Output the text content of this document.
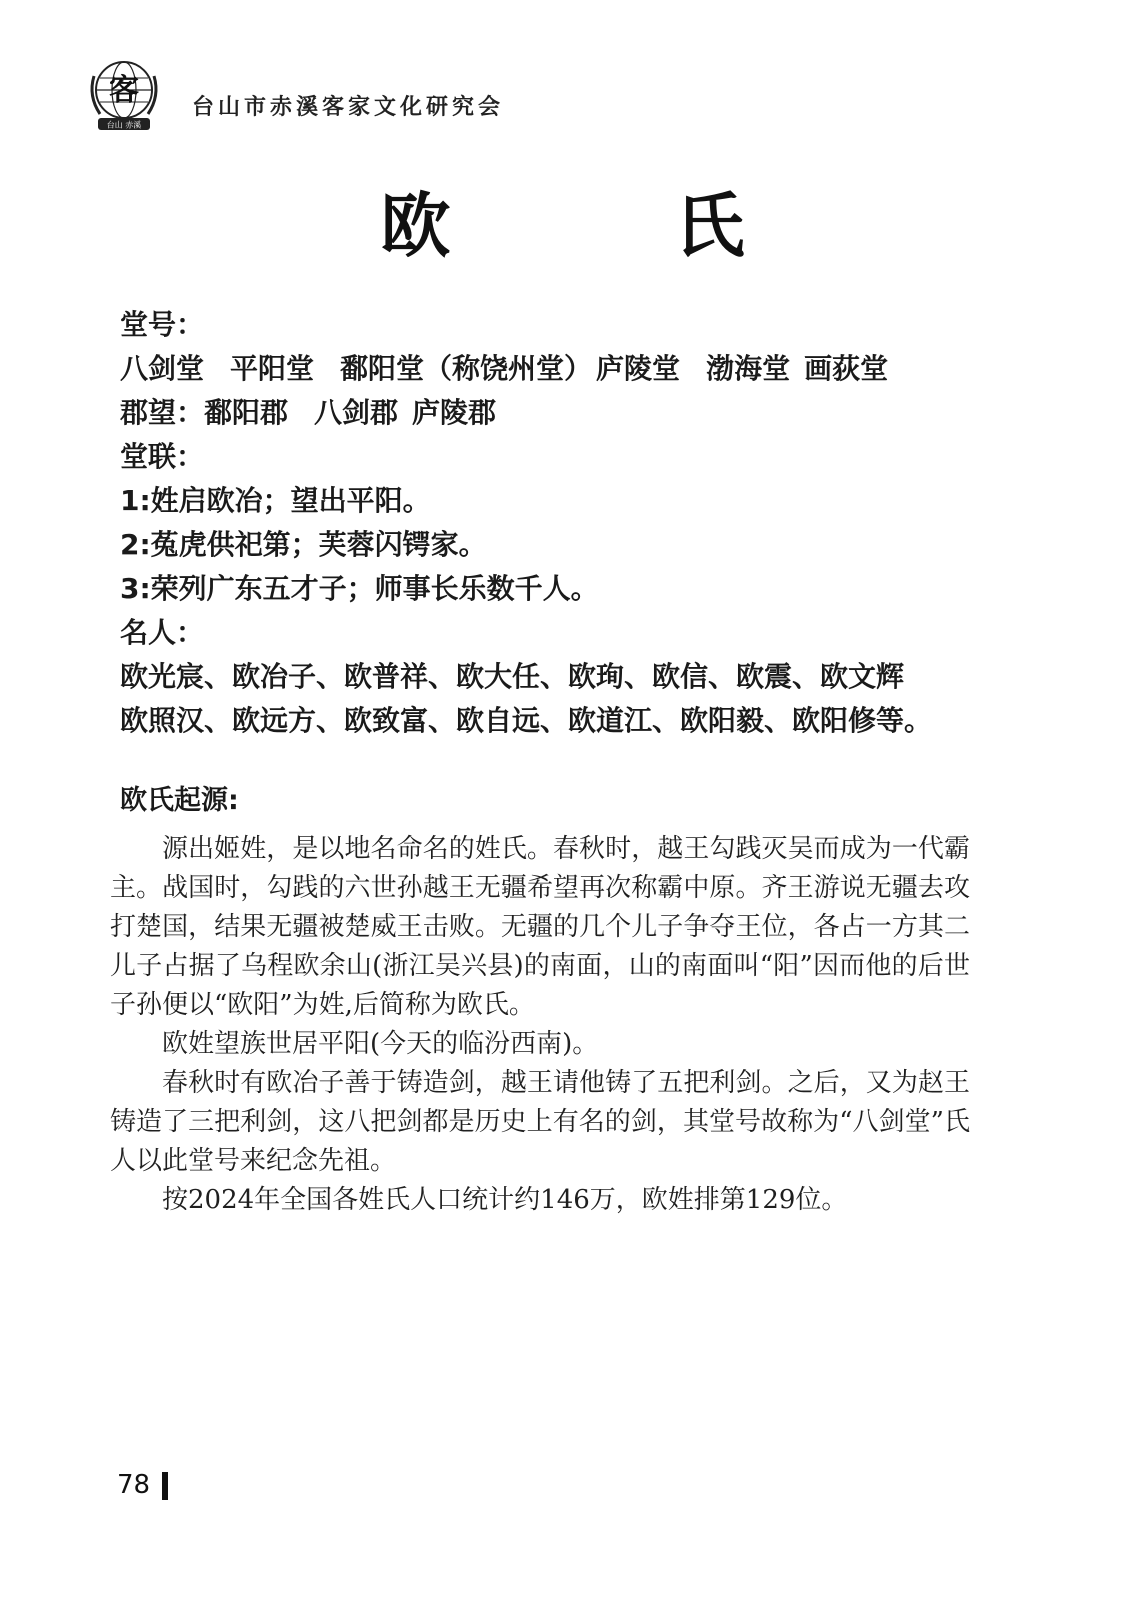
客
台山 赤溪
台山市赤溪客家文化研究会
欧 氏
堂号：
八剑堂 平阳堂 鄱阳堂（称饶州堂） 庐陵堂 渤海堂 画荻堂
郡望：鄱阳郡 八剑郡 庐陵郡
堂联：
1:姓启欧冶；望出平阳。
2:菟虎供祀第；芙蓉闪锷家。
3:荣列广东五才子；师事长乐数千人。
名人：
欧光宸、欧冶子、欧普祥、欧大任、欧珣、欧信、欧震、欧文辉
欧照汉、欧远方、欧致富、欧自远、欧道江、欧阳毅、欧阳修等。
欧氏起源:

源出姬姓，是以地名命名的姓氏。春秋时，越王勾践灭吴而成为一代霸主。战国时，勾践的六世孙越王无疆希望再次称霸中原。齐王游说无疆去攻打楚国，结果无疆被楚威王击败。无疆的几个儿子争夺王位，各占一方其二儿子占据了乌程欧余山(浙江吴兴县)的南面，山的南面叫“阳”因而他的后世子孙便以“欧阳”为姓,后简称为欧氏。

欧姓望族世居平阳(今天的临汾西南)。

春秋时有欧冶子善于铸造剑，越王请他铸了五把利剑。之后，又为赵王铸造了三把利剑，这八把剑都是历史上有名的剑，其堂号故称为“八剑堂”氏人以此堂号来纪念先祖。

按2024年全国各姓氏人口统计约146万，欧姓排第129位。

78
